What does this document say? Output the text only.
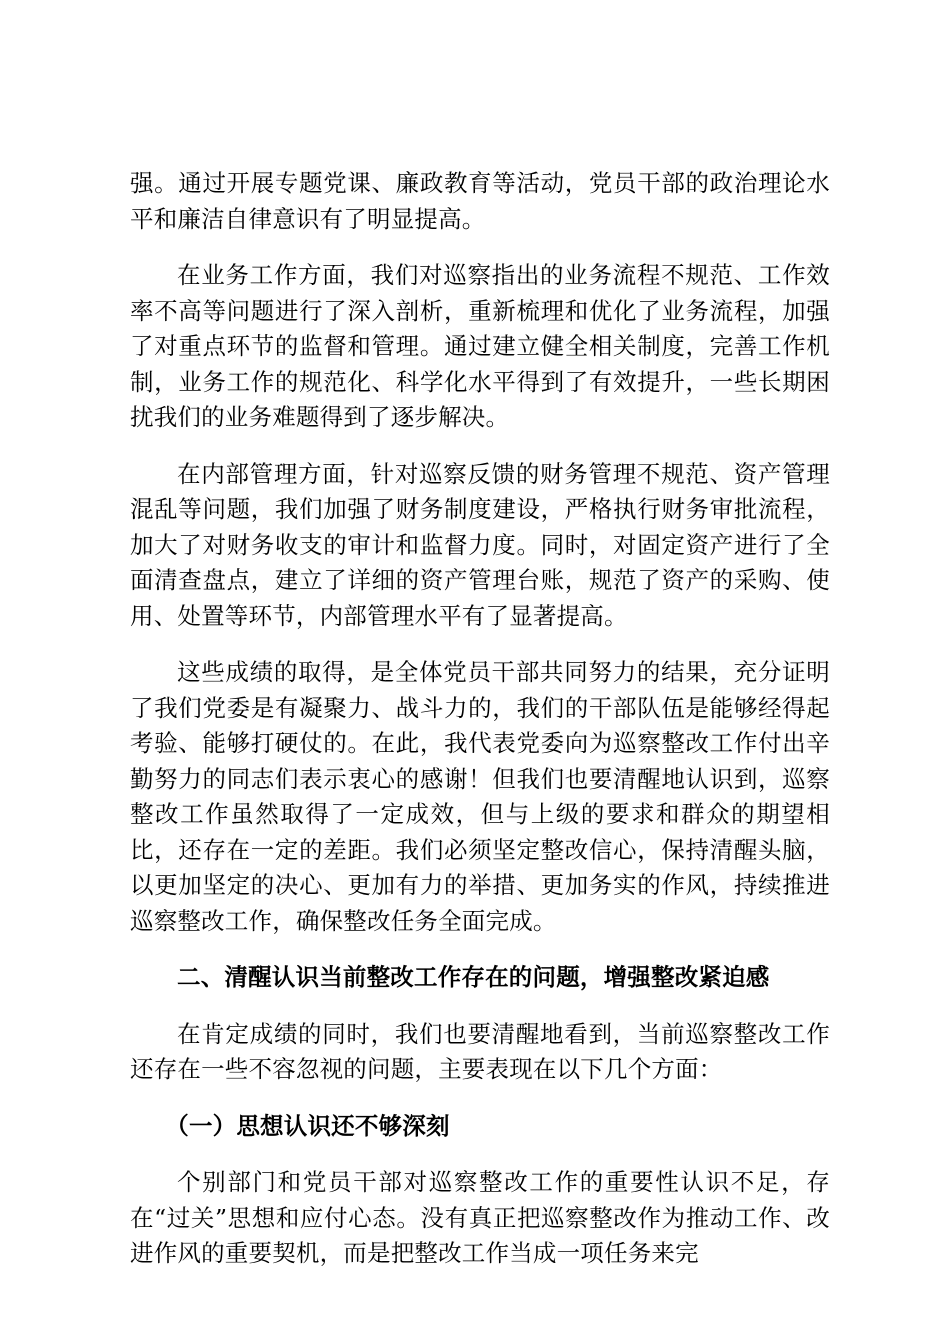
强。通过开展专题党课、廉政教育等活动，党员干部的政治理论水平和廉洁自律意识有了明显提高。

在业务工作方面，我们对巡察指出的业务流程不规范、工作效率不高等问题进行了深入剖析，重新梳理和优化了业务流程，加强了对重点环节的监督和管理。通过建立健全相关制度，完善工作机制，业务工作的规范化、科学化水平得到了有效提升，一些长期困扰我们的业务难题得到了逐步解决。

在内部管理方面，针对巡察反馈的财务管理不规范、资产管理混乱等问题，我们加强了财务制度建设，严格执行财务审批流程，加大了对财务收支的审计和监督力度。同时，对固定资产进行了全面清查盘点，建立了详细的资产管理台账，规范了资产的采购、使用、处置等环节，内部管理水平有了显著提高。

这些成绩的取得，是全体党员干部共同努力的结果，充分证明了我们党委是有凝聚力、战斗力的，我们的干部队伍是能够经得起考验、能够打硬仗的。在此，我代表党委向为巡察整改工作付出辛勤努力的同志们表示衷心的感谢！但我们也要清醒地认识到，巡察整改工作虽然取得了一定成效，但与上级的要求和群众的期望相比，还存在一定的差距。我们必须坚定整改信心，保持清醒头脑，以更加坚定的决心、更加有力的举措、更加务实的作风，持续推进巡察整改工作，确保整改任务全面完成。

二、清醒认识当前整改工作存在的问题，增强整改紧迫感

在肯定成绩的同时，我们也要清醒地看到，当前巡察整改工作还存在一些不容忽视的问题，主要表现在以下几个方面：

（一）思想认识还不够深刻

个别部门和党员干部对巡察整改工作的重要性认识不足，存在“过关”思想和应付心态。没有真正把巡察整改作为推动工作、改进作风的重要契机，而是把整改工作当成一项任务来完
